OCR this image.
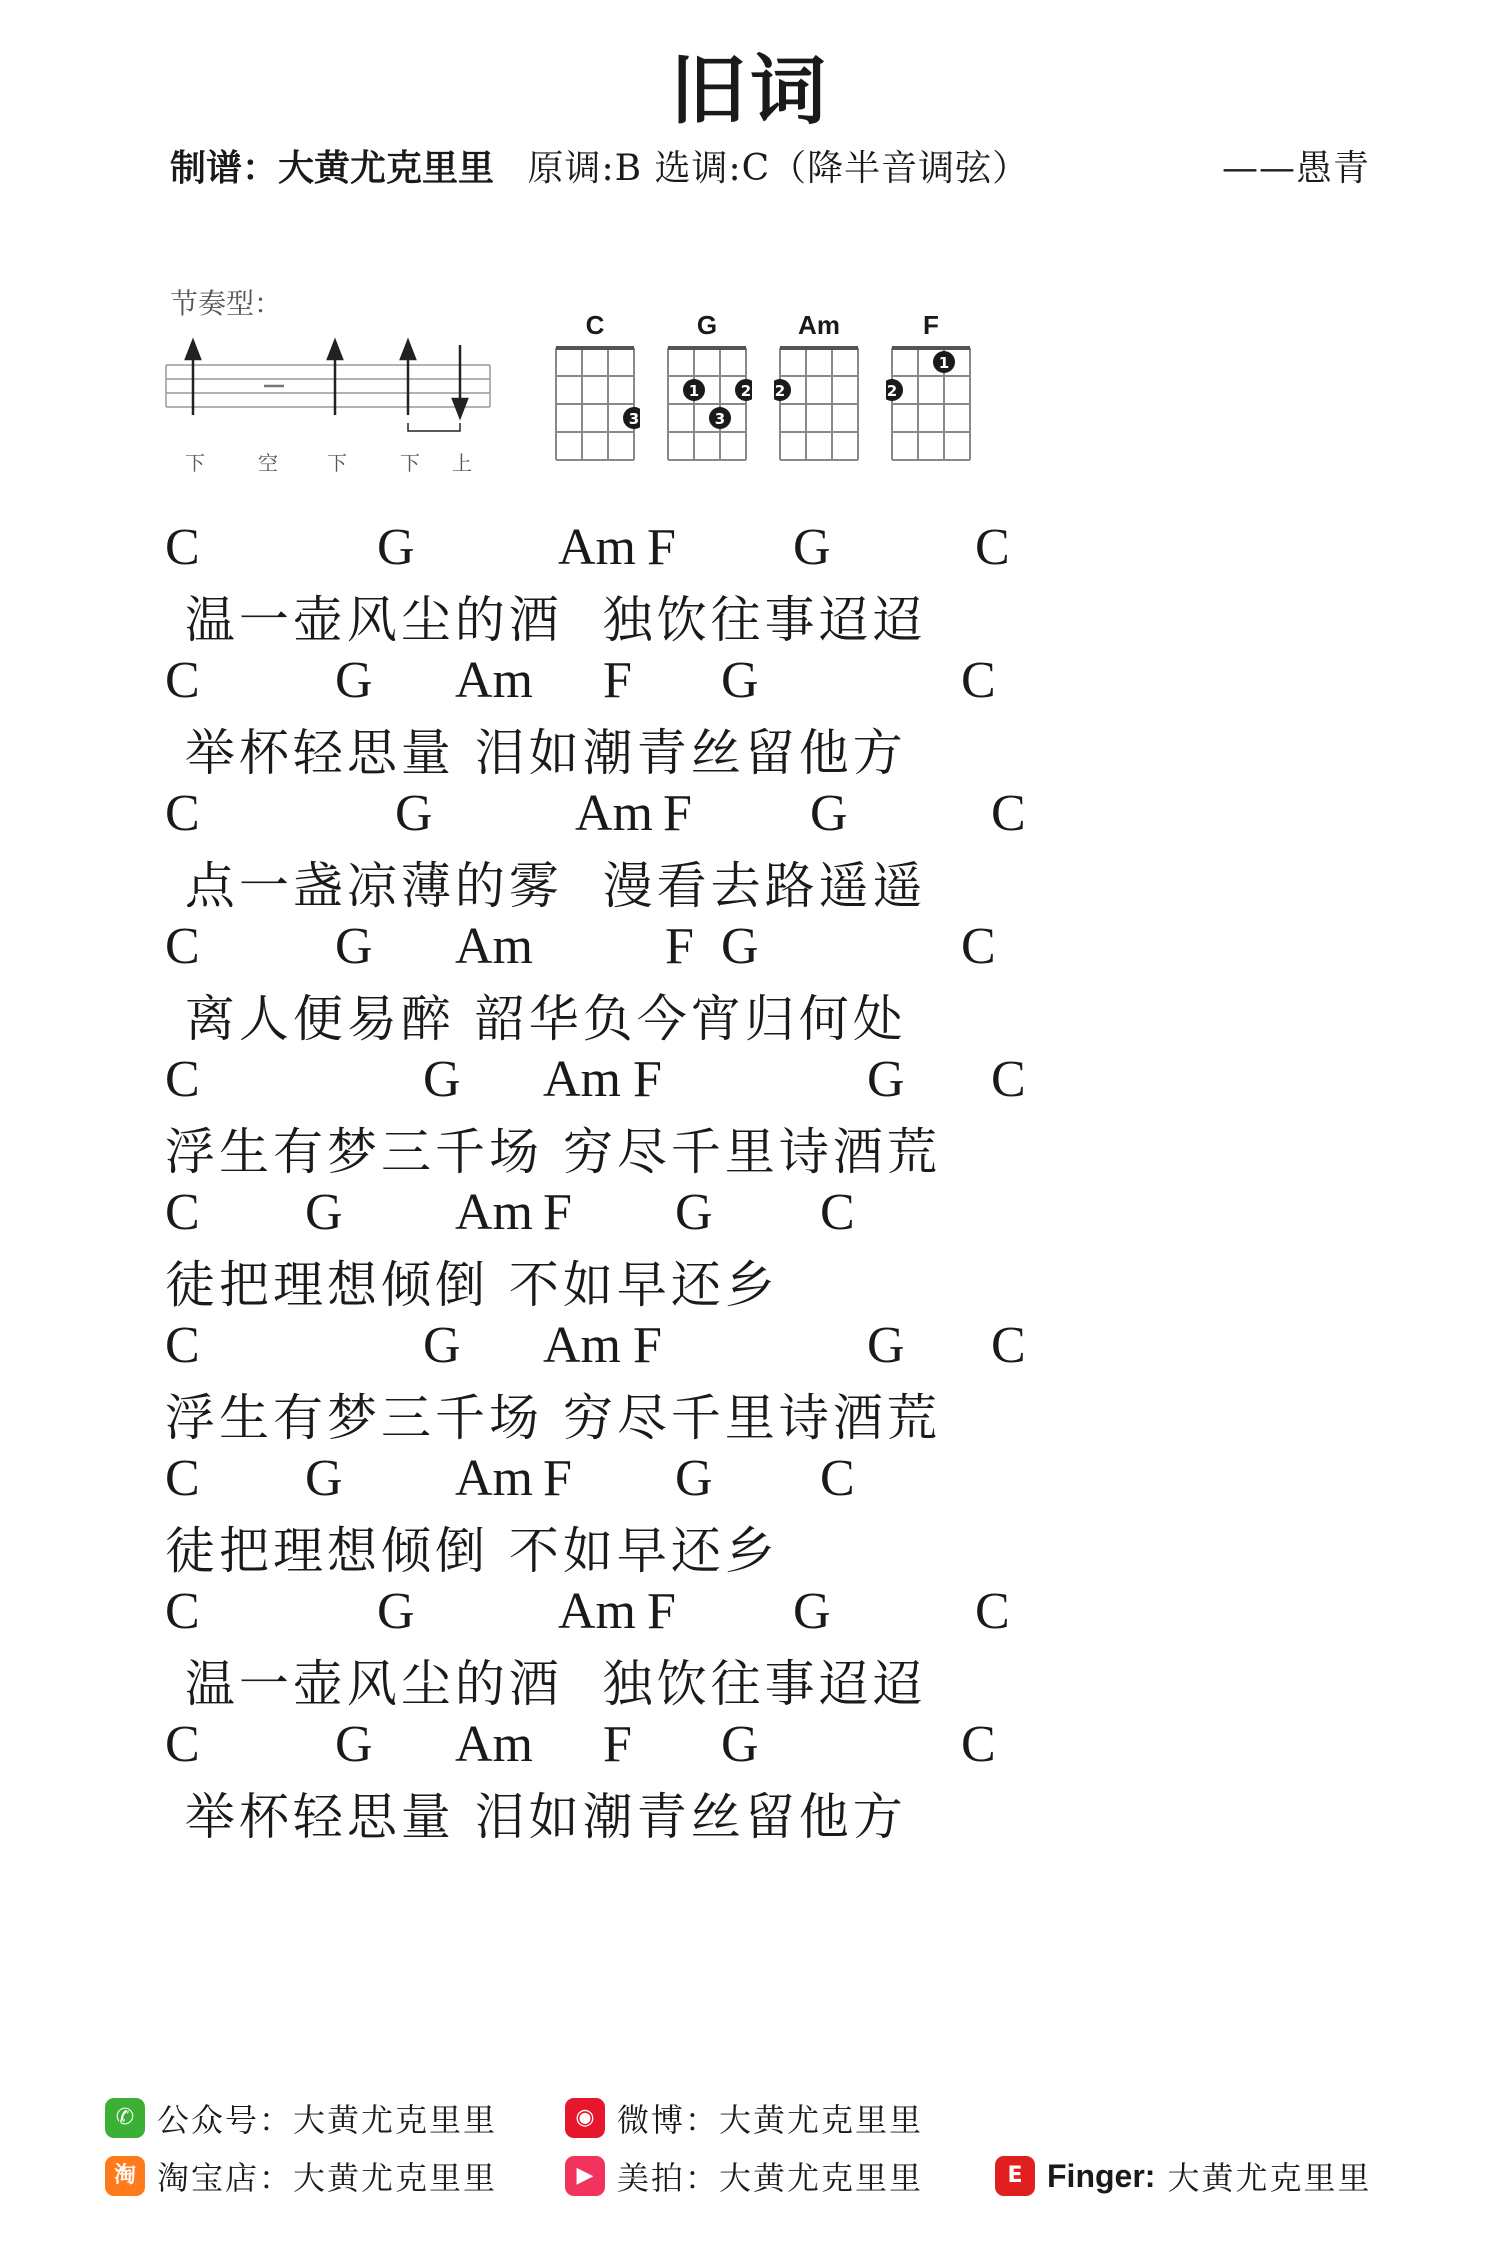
旧词
制谱：大黄尤克里里 原调:B 选调:C（降半音调弦）	——愚青
节奏型：
下	空 下	下 上
C
3
G
1
3
2
Am
2
F
2
1
C	G	Am F G	C
温一壶风尘的酒  独饮往事迢迢
C	G Am F G	C
举杯轻思量 泪如潮青丝留他方
C	G	Am F G	C
点一盏凉薄的雾  漫看去路遥遥
C	G Am	F G	C
离人便易醉 韶华负今宵归何处
C	G Am F	G C
浮生有梦三千场 穷尽千里诗酒荒
C G Am F G C
徒把理想倾倒 不如早还乡
C	G Am F	G C
浮生有梦三千场 穷尽千里诗酒荒
C G Am F G C
徒把理想倾倒 不如早还乡
C	G	Am F G	C
温一壶风尘的酒  独饮往事迢迢
C	G Am F G	C
举杯轻思量 泪如潮青丝留他方
✆ 公众号：大黄尤克里里	◉ 微博：大黄尤克里里
淘 淘宝店：大黄尤克里里	▶ 美拍：大黄尤克里里	E Finger: 大黄尤克里里
